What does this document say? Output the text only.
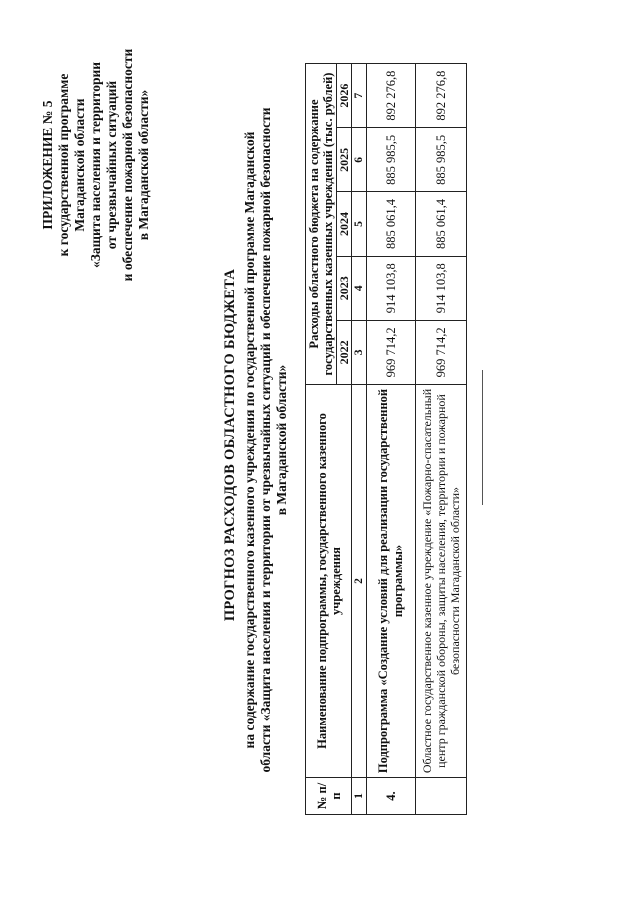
ПРИЛОЖЕНИЕ № 5 к государственной программе Магаданской области «Защита населения и территории от чрезвычайных ситуаций и обеспечение пожарной безопасности в Магаданской области»
ПРОГНОЗ РАСХОДОВ ОБЛАСТНОГО БЮДЖЕТА на содержание государственного казенного учреждения по государственной программе Магаданской области «Защита населения и территории от чрезвычайных ситуаций и обеспечение пожарной безопасности в Магаданской области»
№ п/п	Наименование подпрограммы, государственного казенного учреждения	Расходы областного бюджета на содержание государственных казенных учреждений (тыс. рублей)				
		2022	2023	2024	2025	2026
1	2	3	4	5	6	7
4.	Подпрограмма «Создание условий для реализации государственной программы»	969 714,2	914 103,8	885 061,4	885 985,5	892 276,8
	Областное государственное казенное учреждение «Пожарно-спасательный центр гражданской обороны, защиты населения, территории и пожарной безопасности Магаданской области»	969 714,2	914 103,8	885 061,4	885 985,5	892 276,8
